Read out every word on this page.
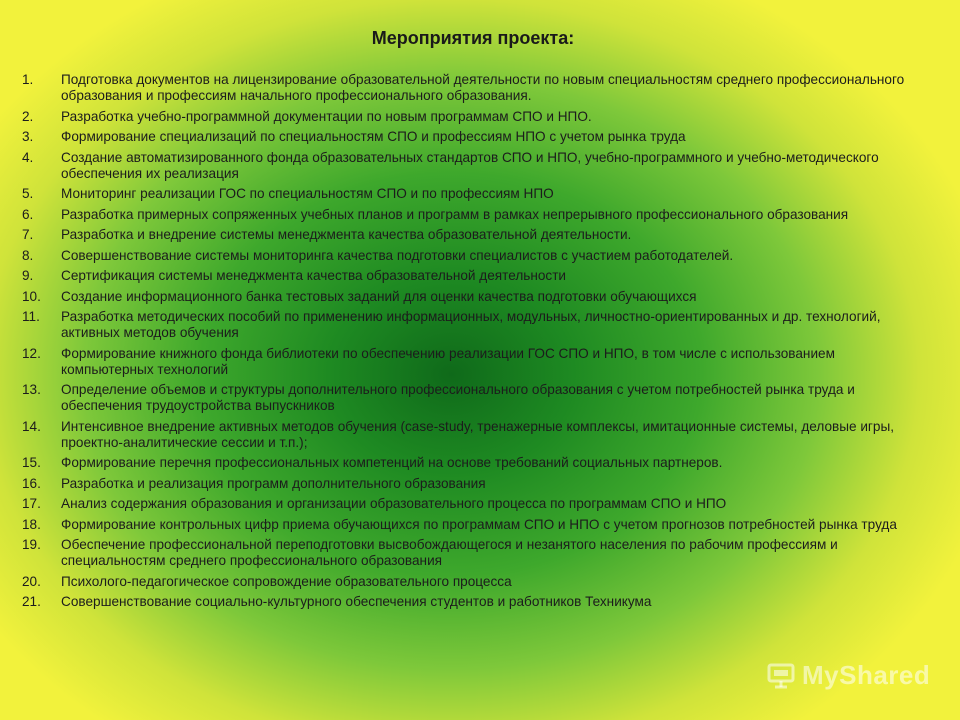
Мероприятия проекта:
1.	Подготовка документов на лицензирование образовательной деятельности по новым специальностям среднего профессионального образования и профессиям начального профессионального образования.
2.	Разработка учебно-программной документации по новым программам СПО и НПО.
3.	Формирование специализаций по специальностям СПО и профессиям НПО с учетом рынка труда
4.	Создание автоматизированного фонда образовательных стандартов СПО и НПО, учебно-программного и учебно-методического обеспечения их реализация
5.	Мониторинг реализации ГОС по специальностям СПО и по профессиям НПО
6.	Разработка примерных сопряженных учебных планов и программ в рамках непрерывного профессионального образования
7.	Разработка и внедрение системы менеджмента качества образовательной деятельности.
8.	Совершенствование системы мониторинга качества подготовки специалистов с участием работодателей.
9.	Сертификация системы менеджмента качества образовательной деятельности
10.	Создание информационного банка тестовых заданий для оценки качества подготовки обучающихся
11.	Разработка методических пособий по применению информационных, модульных, личностно-ориентированных и др. технологий, активных методов обучения
12.	Формирование книжного фонда библиотеки по обеспечению реализации ГОС СПО и НПО, в том числе с использованием компьютерных технологий
13.	Определение объемов и структуры дополнительного профессионального образования с учетом потребностей рынка труда и обеспечения трудоустройства выпускников
14.	Интенсивное внедрение активных методов обучения (case-study, тренажерные комплексы, имитационные системы, деловые игры, проектно-аналитические сессии и т.п.);
15.	Формирование перечня профессиональных компетенций на основе требований социальных партнеров.
16.	Разработка и реализация программ дополнительного образования
17.	Анализ содержания образования и организации образовательного процесса по программам СПО и НПО
18.	Формирование контрольных цифр приема обучающихся по программам СПО и НПО с учетом прогнозов потребностей рынка труда
19.	Обеспечение профессиональной переподготовки высвобождающегося и незанятого населения по рабочим профессиям и специальностям среднего профессионального образования
20.	Психолого-педагогическое сопровождение образовательного процесса
21.	Совершенствование социально-культурного обеспечения студентов и работников Техникума
MyShared
